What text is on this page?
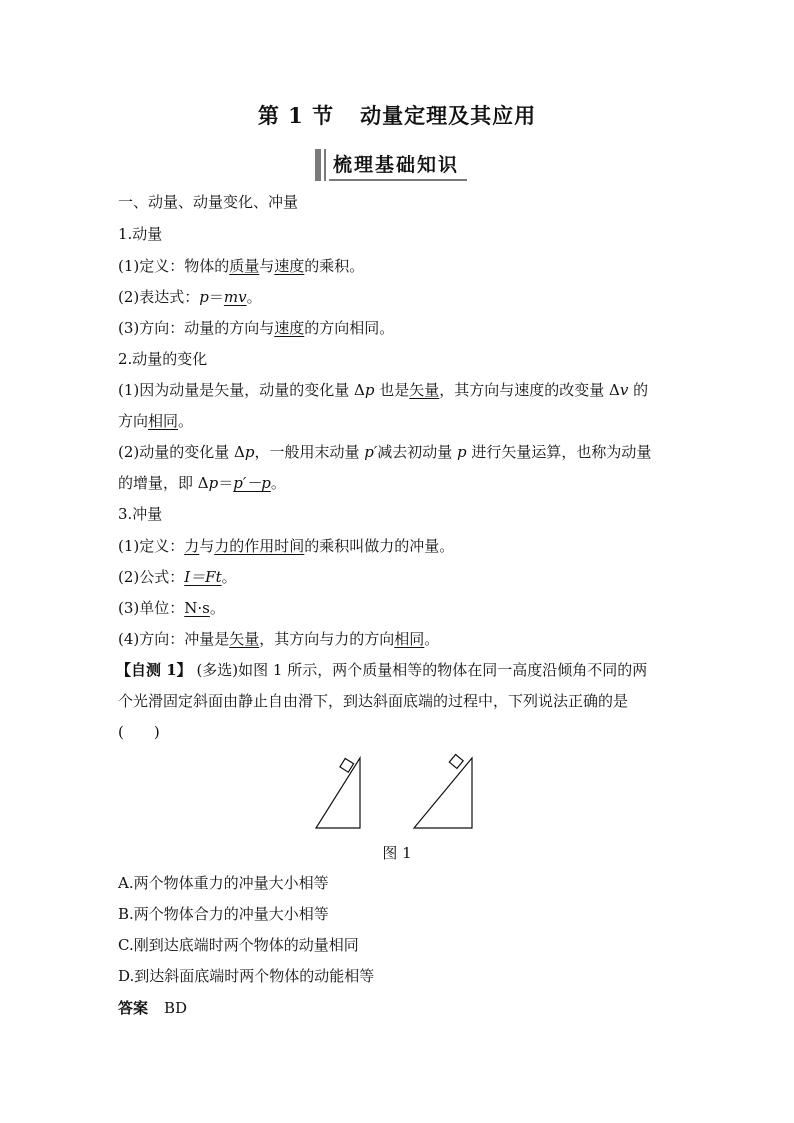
第 1 节 动量定理及其应用
梳理基础知识
一、动量、动量变化、冲量
1.动量
(1)定义：物体的质量与速度的乘积。
(2)表达式：p＝mv。
(3)方向：动量的方向与速度的方向相同。
2.动量的变化
(1)因为动量是矢量，动量的变化量 Δp 也是矢量，其方向与速度的改变量 Δv 的
方向相同。
(2)动量的变化量 Δp，一般用末动量 p′减去初动量 p 进行矢量运算，也称为动量
的增量，即 Δp＝p′－p。
3.冲量
(1)定义：力与力的作用时间的乘积叫做力的冲量。
(2)公式：I＝Ft。
(3)单位：N·s。
(4)方向：冲量是矢量，其方向与力的方向相同。
【自测 1】 (多选)如图 1 所示，两个质量相等的物体在同一高度沿倾角不同的两
个光滑固定斜面由静止自由滑下，到达斜面底端的过程中，下列说法正确的是
(　　)
图 1
A.两个物体重力的冲量大小相等
B.两个物体合力的冲量大小相等
C.刚到达底端时两个物体的动量相同
D.到达斜面底端时两个物体的动能相等
答案 BD
